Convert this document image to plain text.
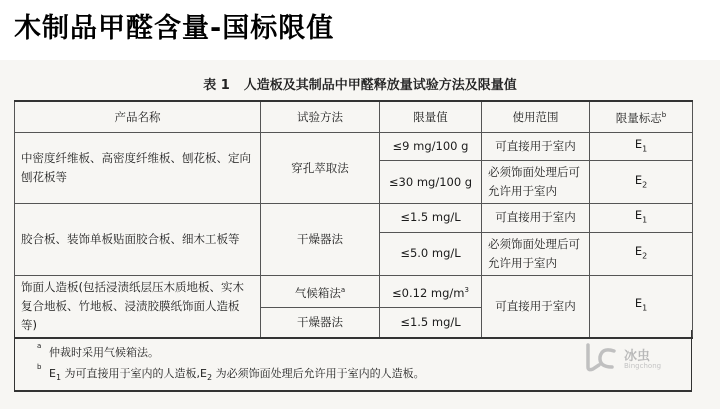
木制品甲醛含量-国标限值
表 1 人造板及其制品中甲醛释放量试验方法及限量值
产品名称	试验方法	限量值	使用范围	限量标志$^b$
中密度纤维板、高密度纤维板、刨花板、定向刨花板等	穿孔萃取法	≤9 mg/100 g	可直接用于室内	$E_1$
		≤30 mg/100 g	必须饰面处理后可允许用于室内	$E_2$
胶合板、装饰单板贴面胶合板、细木工板等	干燥器法	≤1.5 mg/L	可直接用于室内	$E_1$
		≤5.0 mg/L	必须饰面处理后可允许用于室内	$E_2$
饰面人造板(包括浸渍纸层压木质地板、实木复合地板、竹地板、浸渍胶膜纸饰面人造板等)	气候箱法$^a$	≤0.12 $mg/m^3$	可直接用于室内	$E_1$
	干燥器法	≤1.5 mg/L		
a 仲裁时采用气候箱法。
b $E_1$ 为可直接用于室内的人造板$,E_2$ 为必须饰面处理后允许用于室内的人造板。
冰虫
Bingchong
